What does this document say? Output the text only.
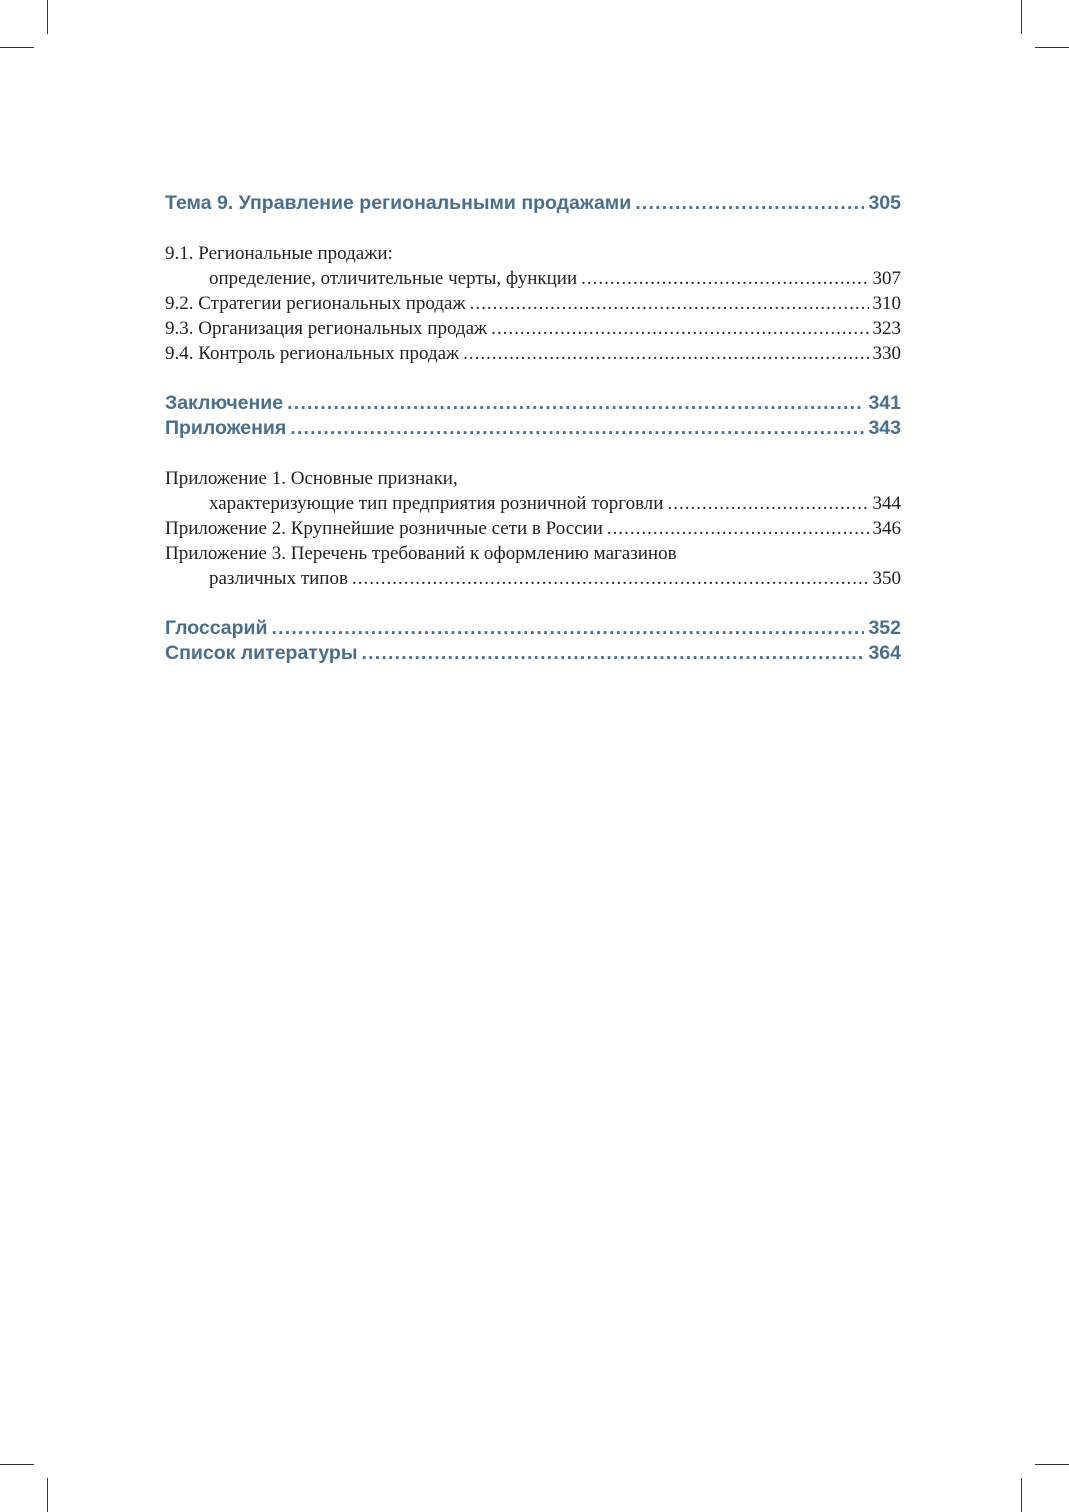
Тема 9. Управление региональными продажами .....	305
9.1. Региональные продажи:
определение, отличительные черты, функции .....	307
9.2. Стратегии региональных продаж .....	310
9.3. Организация региональных продаж .....	323
9.4. Контроль региональных продаж .....	330
Заключение .....	341
Приложения .....	343
Приложение 1. Основные признаки,
характеризующие тип предприятия розничной торговли .....	344
Приложение 2. Крупнейшие розничные сети в России .....	346
Приложение 3. Перечень требований к оформлению магазинов
различных типов .....	350
Глоссарий .....	352
Список литературы .....	364
